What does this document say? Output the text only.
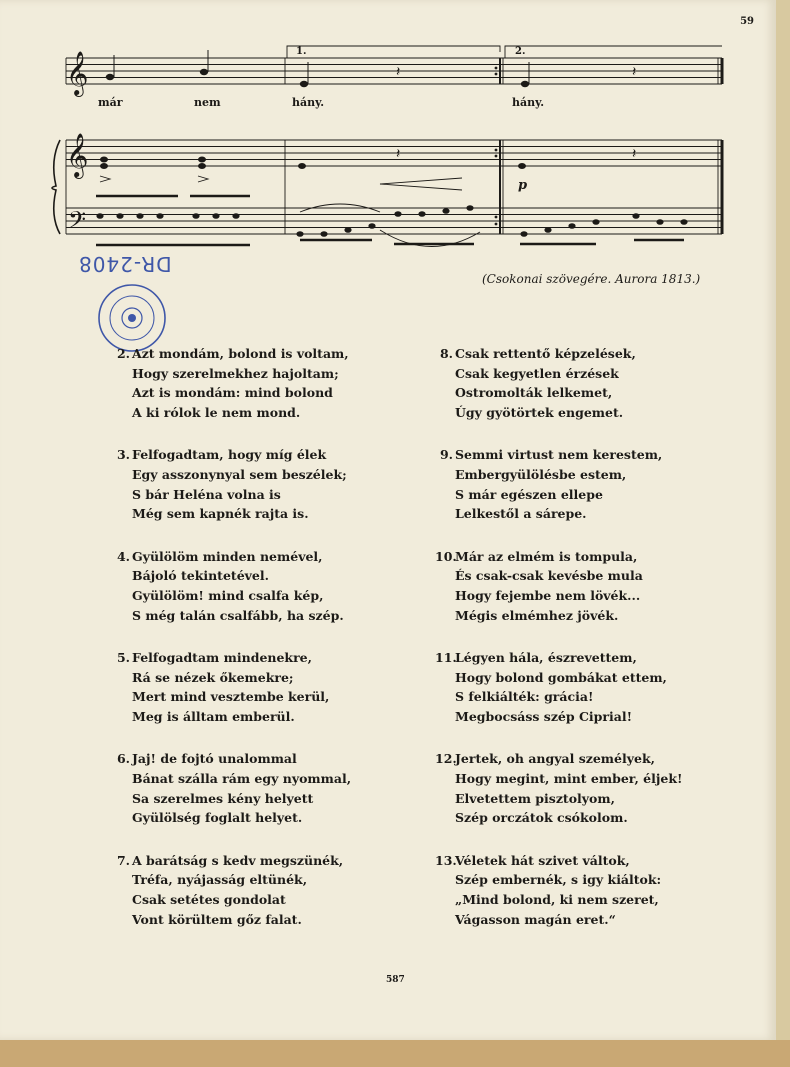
59
𝄽	𝄽
𝄞
𝄞
𝄢
𝄽	𝄽
1.	2.
már	nem	hány.	hány.
p
DR-2408
(Csokonai szövegére. Aurora 1813.)
2. Azt mondám, bolond is voltam,
Hogy szerelmekhez hajoltam;
Azt is mondám: mind bolond
A ki rólok le nem mond.
3. Felfogadtam, hogy míg élek
Egy asszonynyal sem beszélek;
S bár Heléna volna is
Még sem kapnék rajta is.
4. Gyülölöm minden nemével,
Bájoló tekintetével.
Gyülölöm! mind csalfa kép,
S még talán csalfább, ha szép.
5. Felfogadtam mindenekre,
Rá se nézek őkemekre;
Mert mind vesztembe kerül,
Meg is álltam emberül.
6. Jaj! de fojtó unalommal
Bánat szálla rám egy nyommal,
Sa szerelmes kény helyett
Gyülölség foglalt helyet.
7. A barátság s kedv megszünék,
Tréfa, nyájasság eltünék,
Csak setétes gondolat
Vont körültem gőz falat.
8. Csak rettentő képzelések,
Csak kegyetlen érzések
Ostromolták lelkemet,
Úgy gyötörtek engemet.
9. Semmi virtust nem kerestem,
Embergyülölésbe estem,
S már egészen ellepe
Lelkestől a sárepe.
10.
Már az elmém is tompula,
És csak-csak kevésbe mula
Hogy fejembe nem lövék...
Mégis elmémhez jövék.
11.
Légyen hála, észrevettem,
Hogy bolond gombákat ettem,
S felkiálték: grácia!
Megbocsáss szép Ciprial!
12.
Jertek, oh angyal személyek,
Hogy megint, mint ember, éljek!
Elvetettem pisztolyom,
Szép orczátok csókolom.
13.
Véletek hát szivet váltok,
Szép embernék, s igy kiáltok:
„Mind bolond, ki nem szeret,
Vágasson magán eret.“
587
